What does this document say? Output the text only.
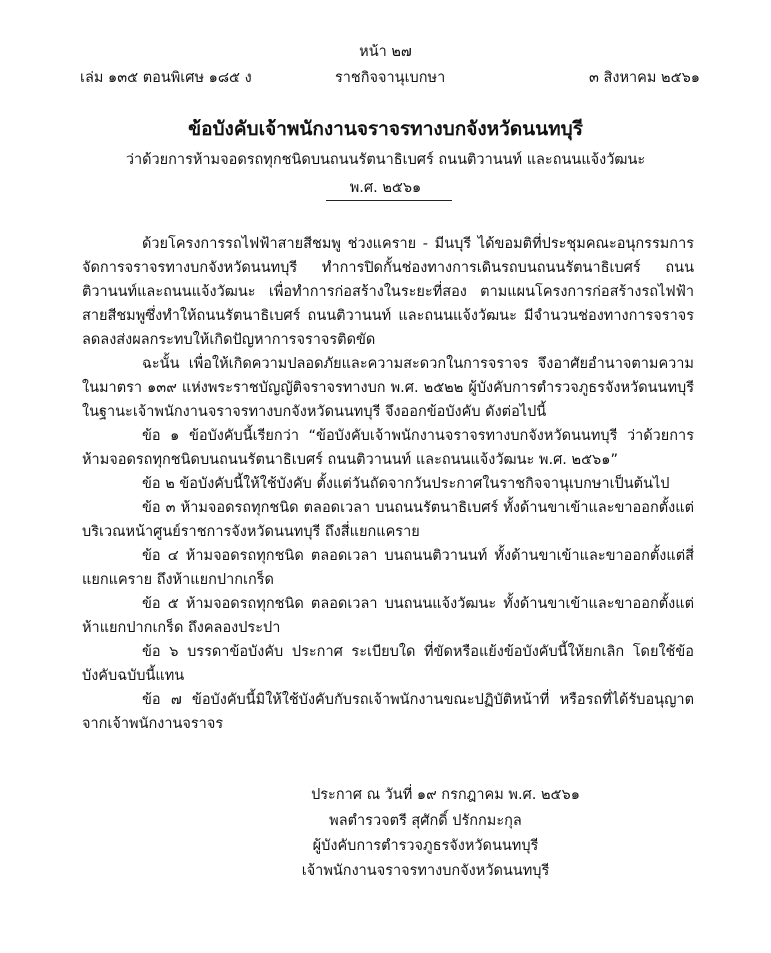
หน้า ๒๗
เล่ม ๑๓๕ ตอนพิเศษ ๑๘๕ ง	ราชกิจจานุเบกษา	๓ สิงหาคม ๒๕๖๑
ข้อบังคับเจ้าพนักงานจราจรทางบกจังหวัดนนทบุรี
ว่าด้วยการห้ามจอดรถทุกชนิดบนถนนรัตนาธิเบศร์ ถนนติวานนท์ และถนนแจ้งวัฒนะ
พ.ศ. ๒๕๖๑

ด้วยโครงการรถไฟฟ้าสายสีชมพู ช่วงแคราย - มีนบุรี ได้ขอมติที่ประชุมคณะอนุกรรมการจัดการจราจรทางบกจังหวัดนนทบุรี ทำการปิดกั้นช่องทางการเดินรถบนถนนรัตนาธิเบศร์ ถนนติวานนท์และถนนแจ้งวัฒนะ เพื่อทำการก่อสร้างในระยะที่สอง ตามแผนโครงการก่อสร้างรถไฟฟ้าสายสีชมพูซึ่งทำให้ถนนรัตนาธิเบศร์ ถนนติวานนท์ และถนนแจ้งวัฒนะ มีจำนวนช่องทางการจราจรลดลงส่งผลกระทบให้เกิดปัญหาการจราจรติดขัด

ฉะนั้น เพื่อให้เกิดความปลอดภัยและความสะดวกในการจราจร จึงอาศัยอำนาจตามความในมาตรา ๑๓๙ แห่งพระราชบัญญัติจราจรทางบก พ.ศ. ๒๕๒๒ ผู้บังคับการตำรวจภูธรจังหวัดนนทบุรีในฐานะเจ้าพนักงานจราจรทางบกจังหวัดนนทบุรี จึงออกข้อบังคับ ดังต่อไปนี้

ข้อ ๑ ข้อบังคับนี้เรียกว่า “ข้อบังคับเจ้าพนักงานจราจรทางบกจังหวัดนนทบุรี ว่าด้วยการห้ามจอดรถทุกชนิดบนถนนรัตนาธิเบศร์ ถนนติวานนท์ และถนนแจ้งวัฒนะ พ.ศ. ๒๕๖๑”

ข้อ ๒ ข้อบังคับนี้ให้ใช้บังคับ ตั้งแต่วันถัดจากวันประกาศในราชกิจจานุเบกษาเป็นต้นไป

ข้อ ๓ ห้ามจอดรถทุกชนิด ตลอดเวลา บนถนนรัตนาธิเบศร์ ทั้งด้านขาเข้าและขาออกตั้งแต่บริเวณหน้าศูนย์ราชการจังหวัดนนทบุรี ถึงสี่แยกแคราย

ข้อ ๔ ห้ามจอดรถทุกชนิด ตลอดเวลา บนถนนติวานนท์ ทั้งด้านขาเข้าและขาออกตั้งแต่สี่แยกแคราย ถึงห้าแยกปากเกร็ด

ข้อ ๕ ห้ามจอดรถทุกชนิด ตลอดเวลา บนถนนแจ้งวัฒนะ ทั้งด้านขาเข้าและขาออกตั้งแต่ห้าแยกปากเกร็ด ถึงคลองประปา

ข้อ ๖ บรรดาข้อบังคับ ประกาศ ระเบียบใด ที่ขัดหรือแย้งข้อบังคับนี้ให้ยกเลิก โดยใช้ข้อบังคับฉบับนี้แทน

ข้อ ๗ ข้อบังคับนี้มิให้ใช้บังคับกับรถเจ้าพนักงานขณะปฏิบัติหน้าที่ หรือรถที่ได้รับอนุญาตจากเจ้าพนักงานจราจร

ประกาศ ณ วันที่ ๑๙ กรกฎาคม พ.ศ. ๒๕๖๑
พลตำรวจตรี สุศักดิ์ ปรักกมะกุล
ผู้บังคับการตำรวจภูธรจังหวัดนนทบุรี
เจ้าพนักงานจราจรทางบกจังหวัดนนทบุรี
